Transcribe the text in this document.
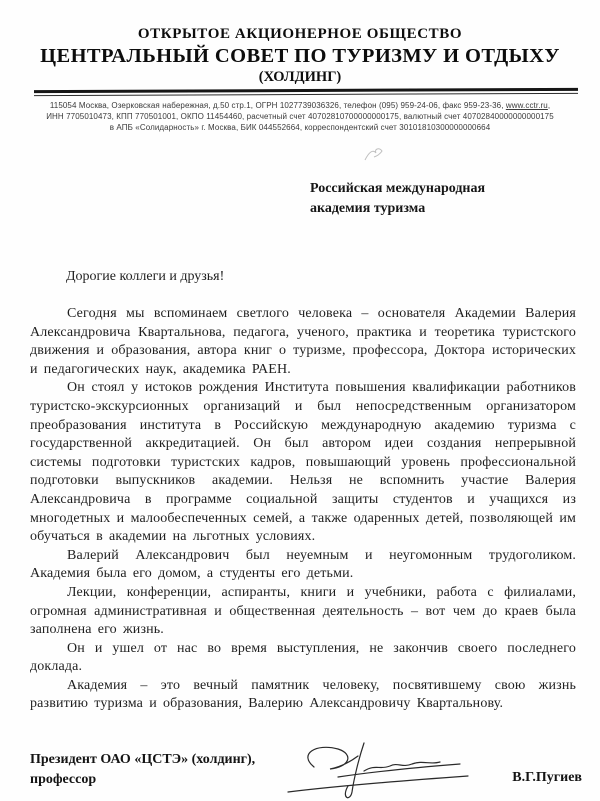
ОТКРЫТОЕ АКЦИОНЕРНОЕ ОБЩЕСТВО
ЦЕНТРАЛЬНЫЙ СОВЕТ ПО ТУРИЗМУ И ОТДЫХУ
(ХОЛДИНГ)
115054 Москва, Озерковская набережная, д.50 стр.1, ОГРН 1027739036326, телефон (095) 959-24-06, факс 959-23-36, www.cctr.ru,
ИНН 7705010473, КПП 770501001, ОКПО 11454460, расчетный счет 40702810700000000175, валютный счет 40702840000000000175
в АПБ «Солидарность» г. Москва, БИК 044552664, корреспондентский счет 30101810300000000664
Российская международная
академия туризма
Дорогие коллеги и друзья!

Сегодня мы вспоминаем светлого человека – основателя Академии Валерия Александровича Квартальнова, педагога, ученого, практика и теоретика туристского движения и образования, автора книг о туризме, профессора, Доктора исторических и педагогических наук, академика РАЕН.

Он стоял у истоков рождения Института повышения квалификации работников туристско-экскурсионных организаций и был непосредственным организатором преобразования института в Российскую международную академию туризма с государственной аккредитацией. Он был автором идеи создания непрерывной системы подготовки туристских кадров, повышающий уровень профессиональной подготовки выпускников академии. Нельзя не вспомнить участие Валерия Александровича в программе социальной защиты студентов и учащихся из многодетных и малообеспеченных семей, а также одаренных детей, позволяющей им обучаться в академии на льготных условиях.

Валерий Александрович был неуемным и неугомонным трудоголиком. Академия была его домом, а студенты его детьми.

Лекции, конференции, аспиранты, книги и учебники, работа с филиалами, огромная административная и общественная деятельность – вот чем до краев была заполнена его жизнь.

Он и ушел от нас во время выступления, не закончив своего последнего доклада.

Академия – это вечный памятник человеку, посвятившему свою жизнь развитию туризма и образования, Валерию Александровичу Квартальнову.

Президент ОАО «ЦСТЭ» (холдинг),
профессор	В.Г.Пугиев
